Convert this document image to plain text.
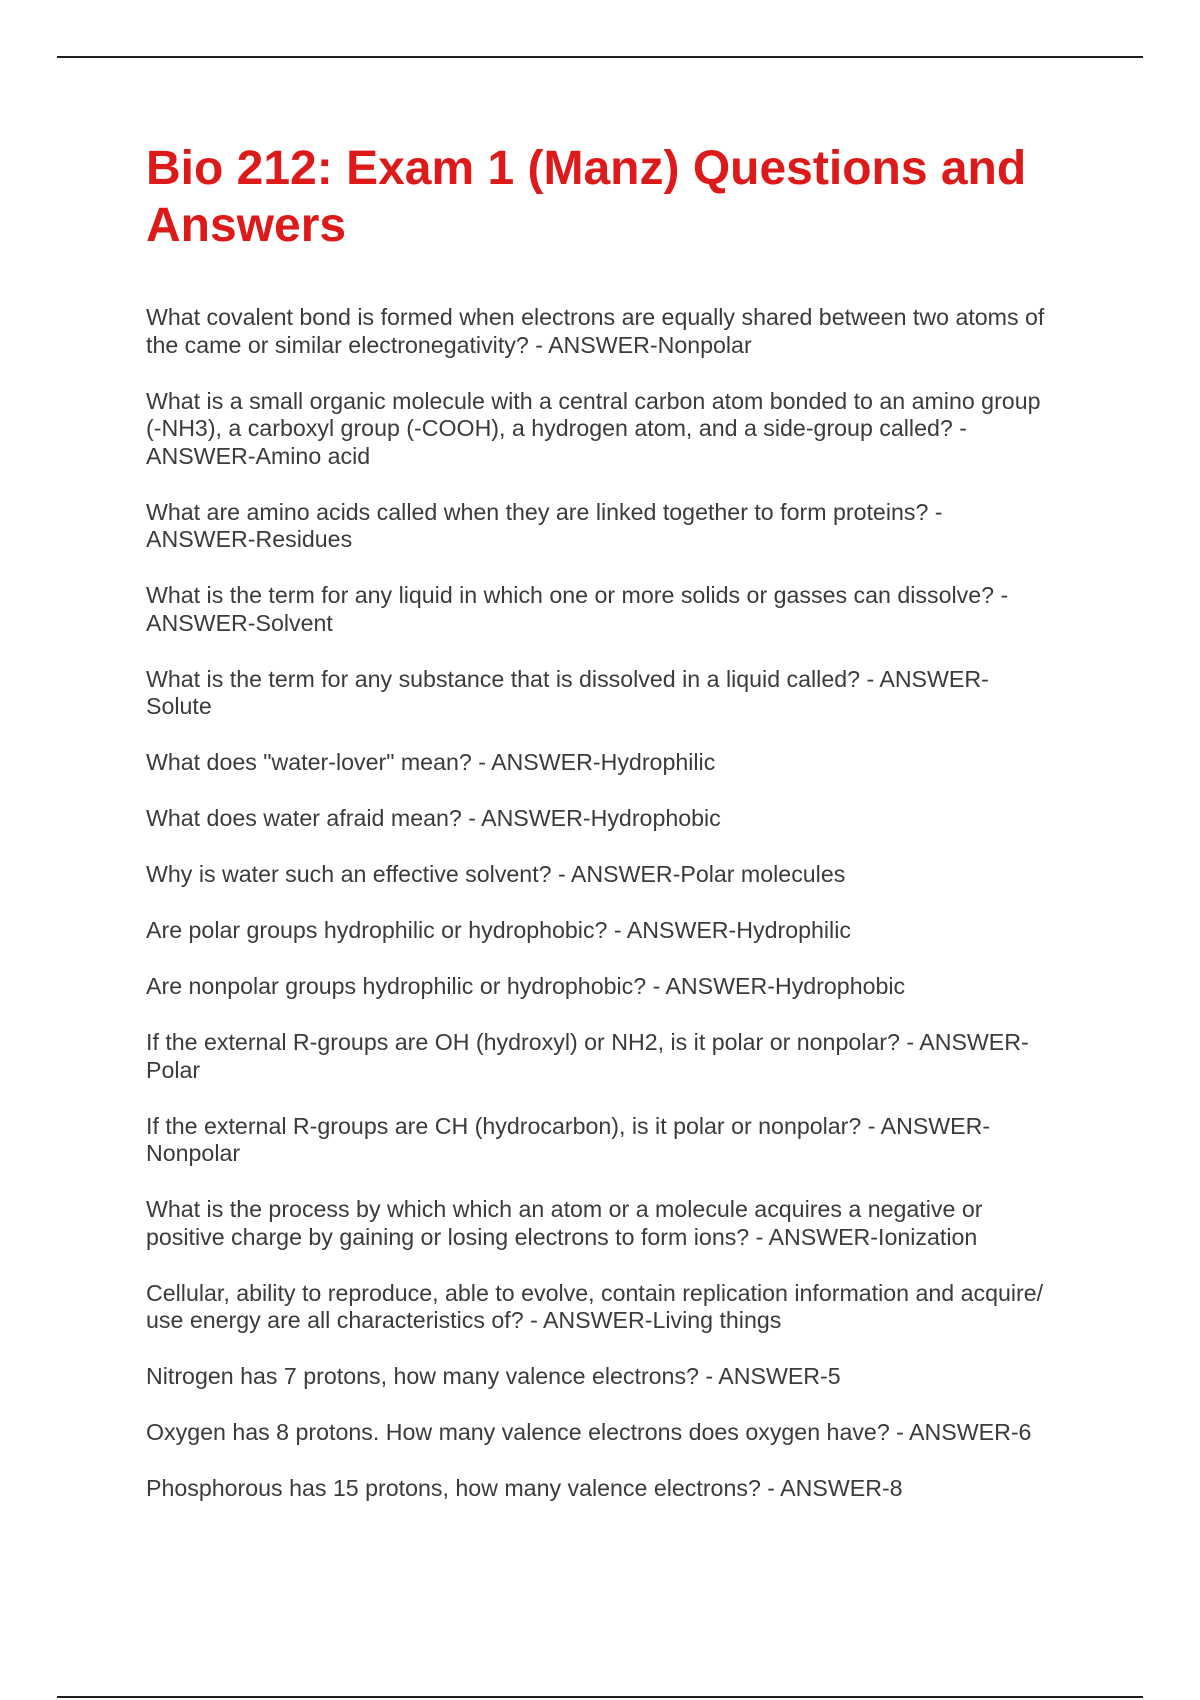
Bio 212: Exam 1 (Manz) Questions and Answers
What covalent bond is formed when electrons are equally shared between two atoms of the came or similar electronegativity? - ANSWER-Nonpolar
What is a small organic molecule with a central carbon atom bonded to an amino group (-NH3), a carboxyl group (-COOH), a hydrogen atom, and a side-group called? - ANSWER-Amino acid
What are amino acids called when they are linked together to form proteins? - ANSWER-Residues
What is the term for any liquid in which one or more solids or gasses can dissolve? - ANSWER-Solvent
What is the term for any substance that is dissolved in a liquid called? - ANSWER-Solute
What does "water-lover" mean? - ANSWER-Hydrophilic
What does water afraid mean? - ANSWER-Hydrophobic
Why is water such an effective solvent? - ANSWER-Polar molecules
Are polar groups hydrophilic or hydrophobic? - ANSWER-Hydrophilic
Are nonpolar groups hydrophilic or hydrophobic? - ANSWER-Hydrophobic
If the external R-groups are OH (hydroxyl) or NH2, is it polar or nonpolar? - ANSWER-Polar
If the external R-groups are CH (hydrocarbon), is it polar or nonpolar? - ANSWER-Nonpolar
What is the process by which which an atom or a molecule acquires a negative or positive charge by gaining or losing electrons to form ions? - ANSWER-Ionization
Cellular, ability to reproduce, able to evolve, contain replication information and acquire/ use energy are all characteristics of? - ANSWER-Living things
Nitrogen has 7 protons, how many valence electrons? - ANSWER-5
Oxygen has 8 protons. How many valence electrons does oxygen have? - ANSWER-6
Phosphorous has 15 protons, how many valence electrons? - ANSWER-8
